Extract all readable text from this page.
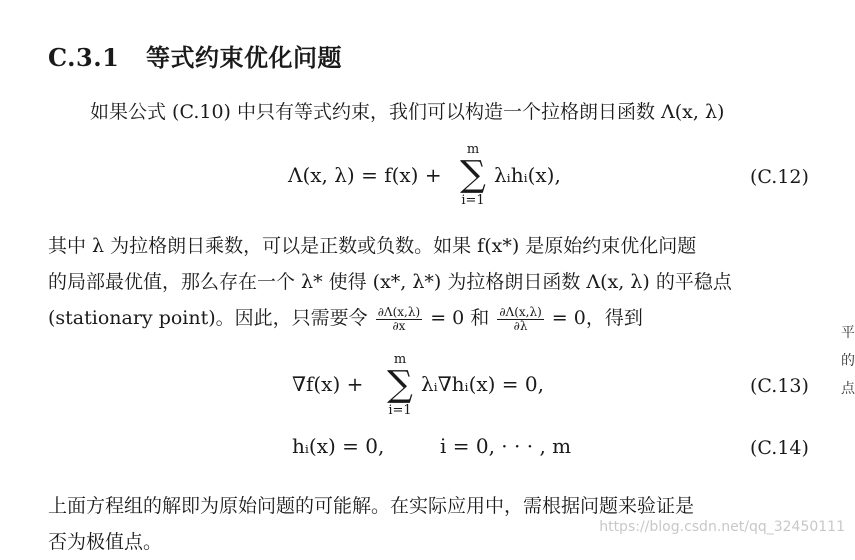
C.3.1 等式约束优化问题
如果公式 (C.10) 中只有等式约束，我们可以构造一个拉格朗日函数 Λ(x, λ)
Λ(x, λ) = f(x) +
m
∑
i=1
λᵢhᵢ(x),	(C.12)
其中 λ 为拉格朗日乘数，可以是正数或负数。如果 f(x*) 是原始约束优化问题
的局部最优值，那么存在一个 λ* 使得 (x*, λ*) 为拉格朗日函数 Λ(x, λ) 的平稳点
(stationary point)。因此，只需要令 $\frac{\partial\Lambda(x,\lambda)}{\partial x} = 0$ 和 $\frac{\partial\Lambda(x,\lambda)}{\partial\lambda} = 0$，得到
∇f(x) +
m
∑
i=1
λᵢ∇hᵢ(x) = 0,	(C.13)
hᵢ(x) = 0,	i = 0, · · · , m	(C.14)
上面方程组的解即为原始问题的可能解。在实际应用中，需根据问题来验证是
否为极值点。
平
的
点
https://blog.csdn.net/qq_32450111
